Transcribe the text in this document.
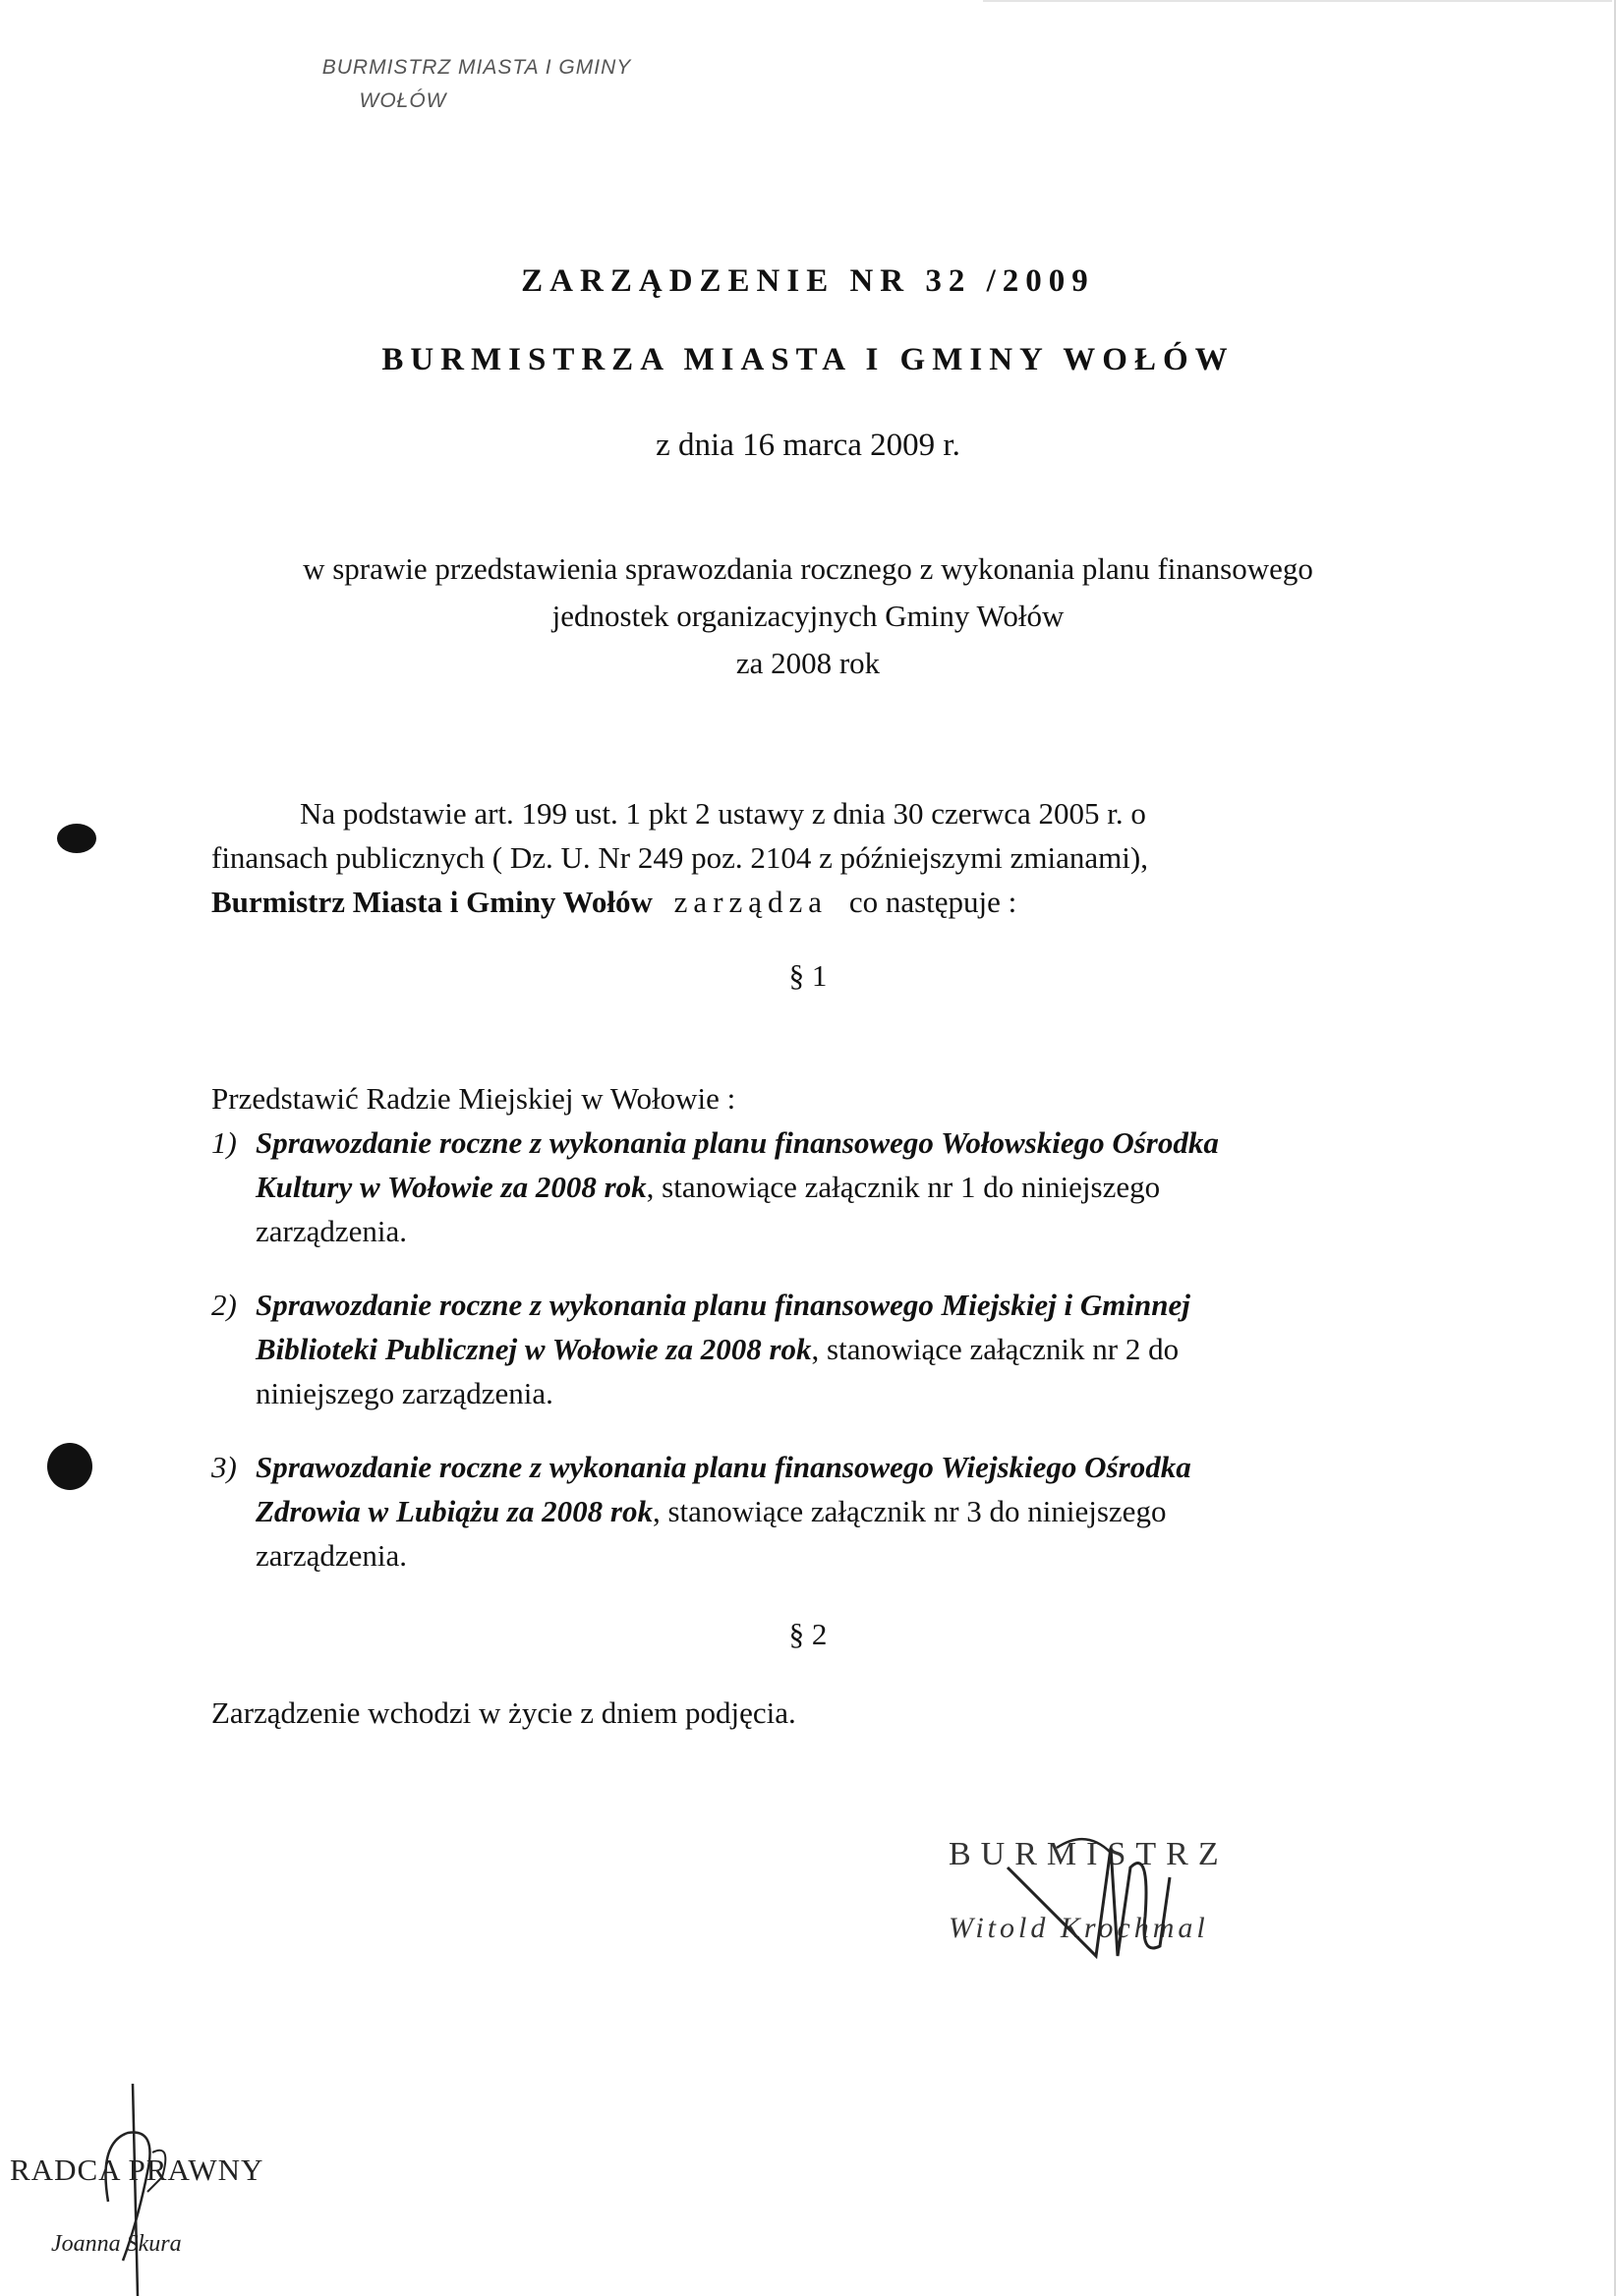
BURMISTRZ MIASTA I GMINY

WOŁÓW
ZARZĄDZENIE NR 32 /2009
BURMISTRZA MIASTA I GMINY WOŁÓW
z dnia 16 marca 2009 r.
w sprawie przedstawienia sprawozdania rocznego z wykonania planu finansowego
jednostek organizacyjnych Gminy Wołów
za 2008 rok
Na podstawie art. 199 ust. 1 pkt 2 ustawy z dnia 30 czerwca 2005 r. o
finansach publicznych ( Dz. U. Nr 249 poz. 2104 z późniejszymi zmianami),
Burmistrz Miasta i Gminy Wołów zarządza co następuje :
§ 1
Przedstawić Radzie Miejskiej w Wołowie :
1) Sprawozdanie roczne z wykonania planu finansowego Wołowskiego Ośrodka
Kultury w Wołowie za 2008 rok, stanowiące załącznik nr 1 do niniejszego
zarządzenia.
2) Sprawozdanie roczne z wykonania planu finansowego Miejskiej i Gminnej
Biblioteki Publicznej w Wołowie za 2008 rok, stanowiące załącznik nr 2 do
niniejszego zarządzenia.
3) Sprawozdanie roczne z wykonania planu finansowego Wiejskiego Ośrodka
Zdrowia w Lubiążu za 2008 rok, stanowiące załącznik nr 3 do niniejszego
zarządzenia.
§ 2
Zarządzenie wchodzi w życie z dniem podjęcia.
BURMISTRZ
Witold Krochmal
RADCA PRAWNY
Joanna Skura
